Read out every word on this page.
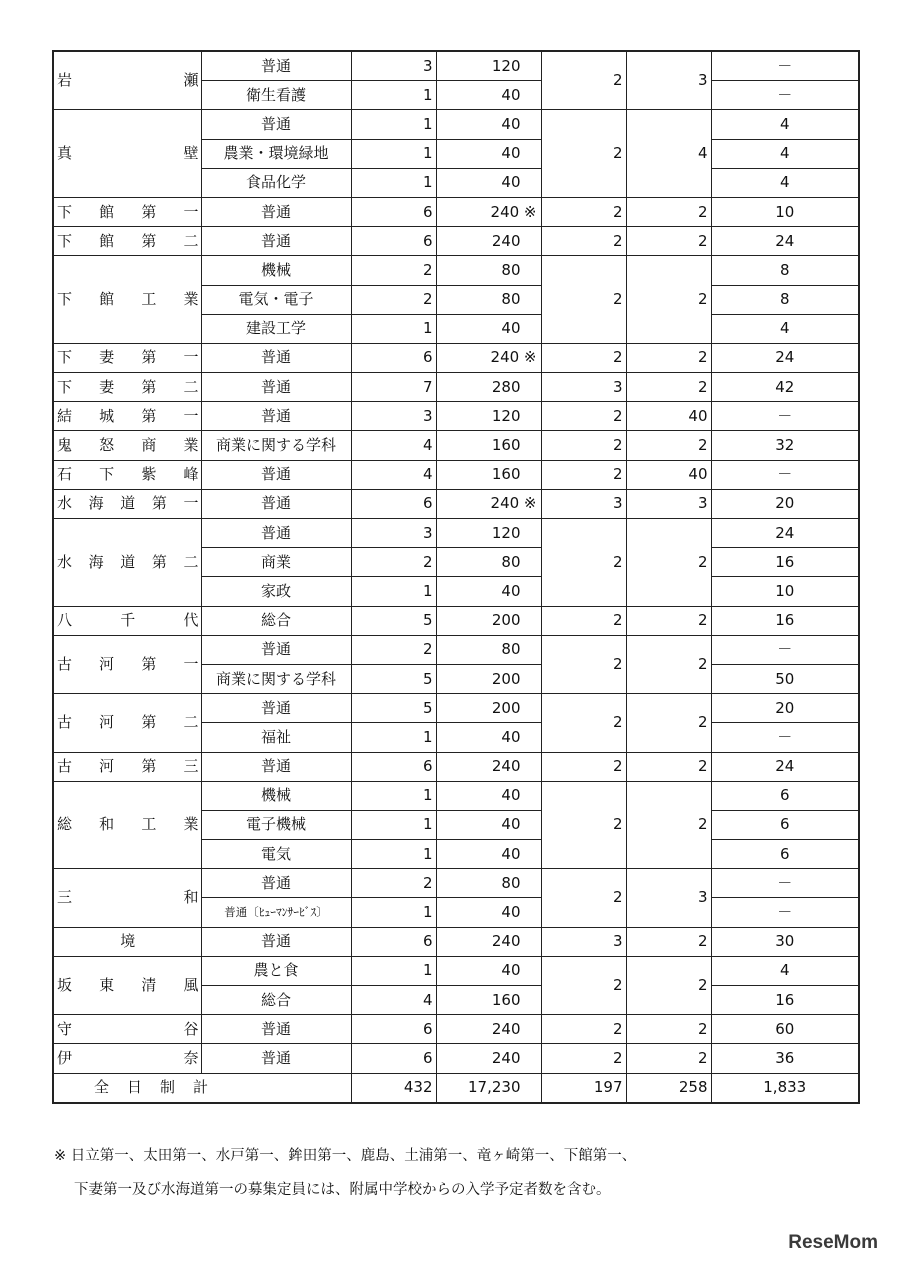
岩瀬	普通	3	120	2	3	－
	衛生看護	1	40			－
真壁	普通	1	40	2	4	4
	農業・環境緑地	1	40			4
	食品化学	1	40			4
下館第一	普通	6	240 ※	2	2	10
下館第二	普通	6	240	2	2	24
下館工業	機械	2	80	2	2	8
	電気・電子	2	80			8
	建設工学	1	40			4
下妻第一	普通	6	240 ※	2	2	24
下妻第二	普通	7	280	3	2	42
結城第一	普通	3	120	2	40	－
鬼怒商業	商業に関する学科	4	160	2	2	32
石下紫峰	普通	4	160	2	40	－
水海道第一	普通	6	240 ※	3	3	20
水海道第二	普通	3	120	2	2	24
	商業	2	80			16
	家政	1	40			10
八千代	総合	5	200	2	2	16
古河第一	普通	2	80	2	2	－
	商業に関する学科	5	200			50
古河第二	普通	5	200	2	2	20
	福祉	1	40			－
古河第三	普通	6	240	2	2	24
総和工業	機械	1	40	2	2	6
	電子機械	1	40			6
	電気	1	40			6
三和	普通	2	80	2	3	－
	普通〔ﾋｭｰﾏﾝｻｰﾋﾞｽ〕	1	40			－
境	普通	6	240	3	2	30
坂東清風	農と食	1	40	2	2	4
	総合	4	160			16
守谷	普通	6	240	2	2	60
伊奈	普通	6	240	2	2	36
全日制計		432	17,230	197	258	1,833
※ 日立第一、太田第一、水戸第一、鉾田第一、鹿島、土浦第一、竜ヶ崎第一、下館第一、
下妻第一及び水海道第一の募集定員には、附属中学校からの入学予定者数を含む。
ReseMom
